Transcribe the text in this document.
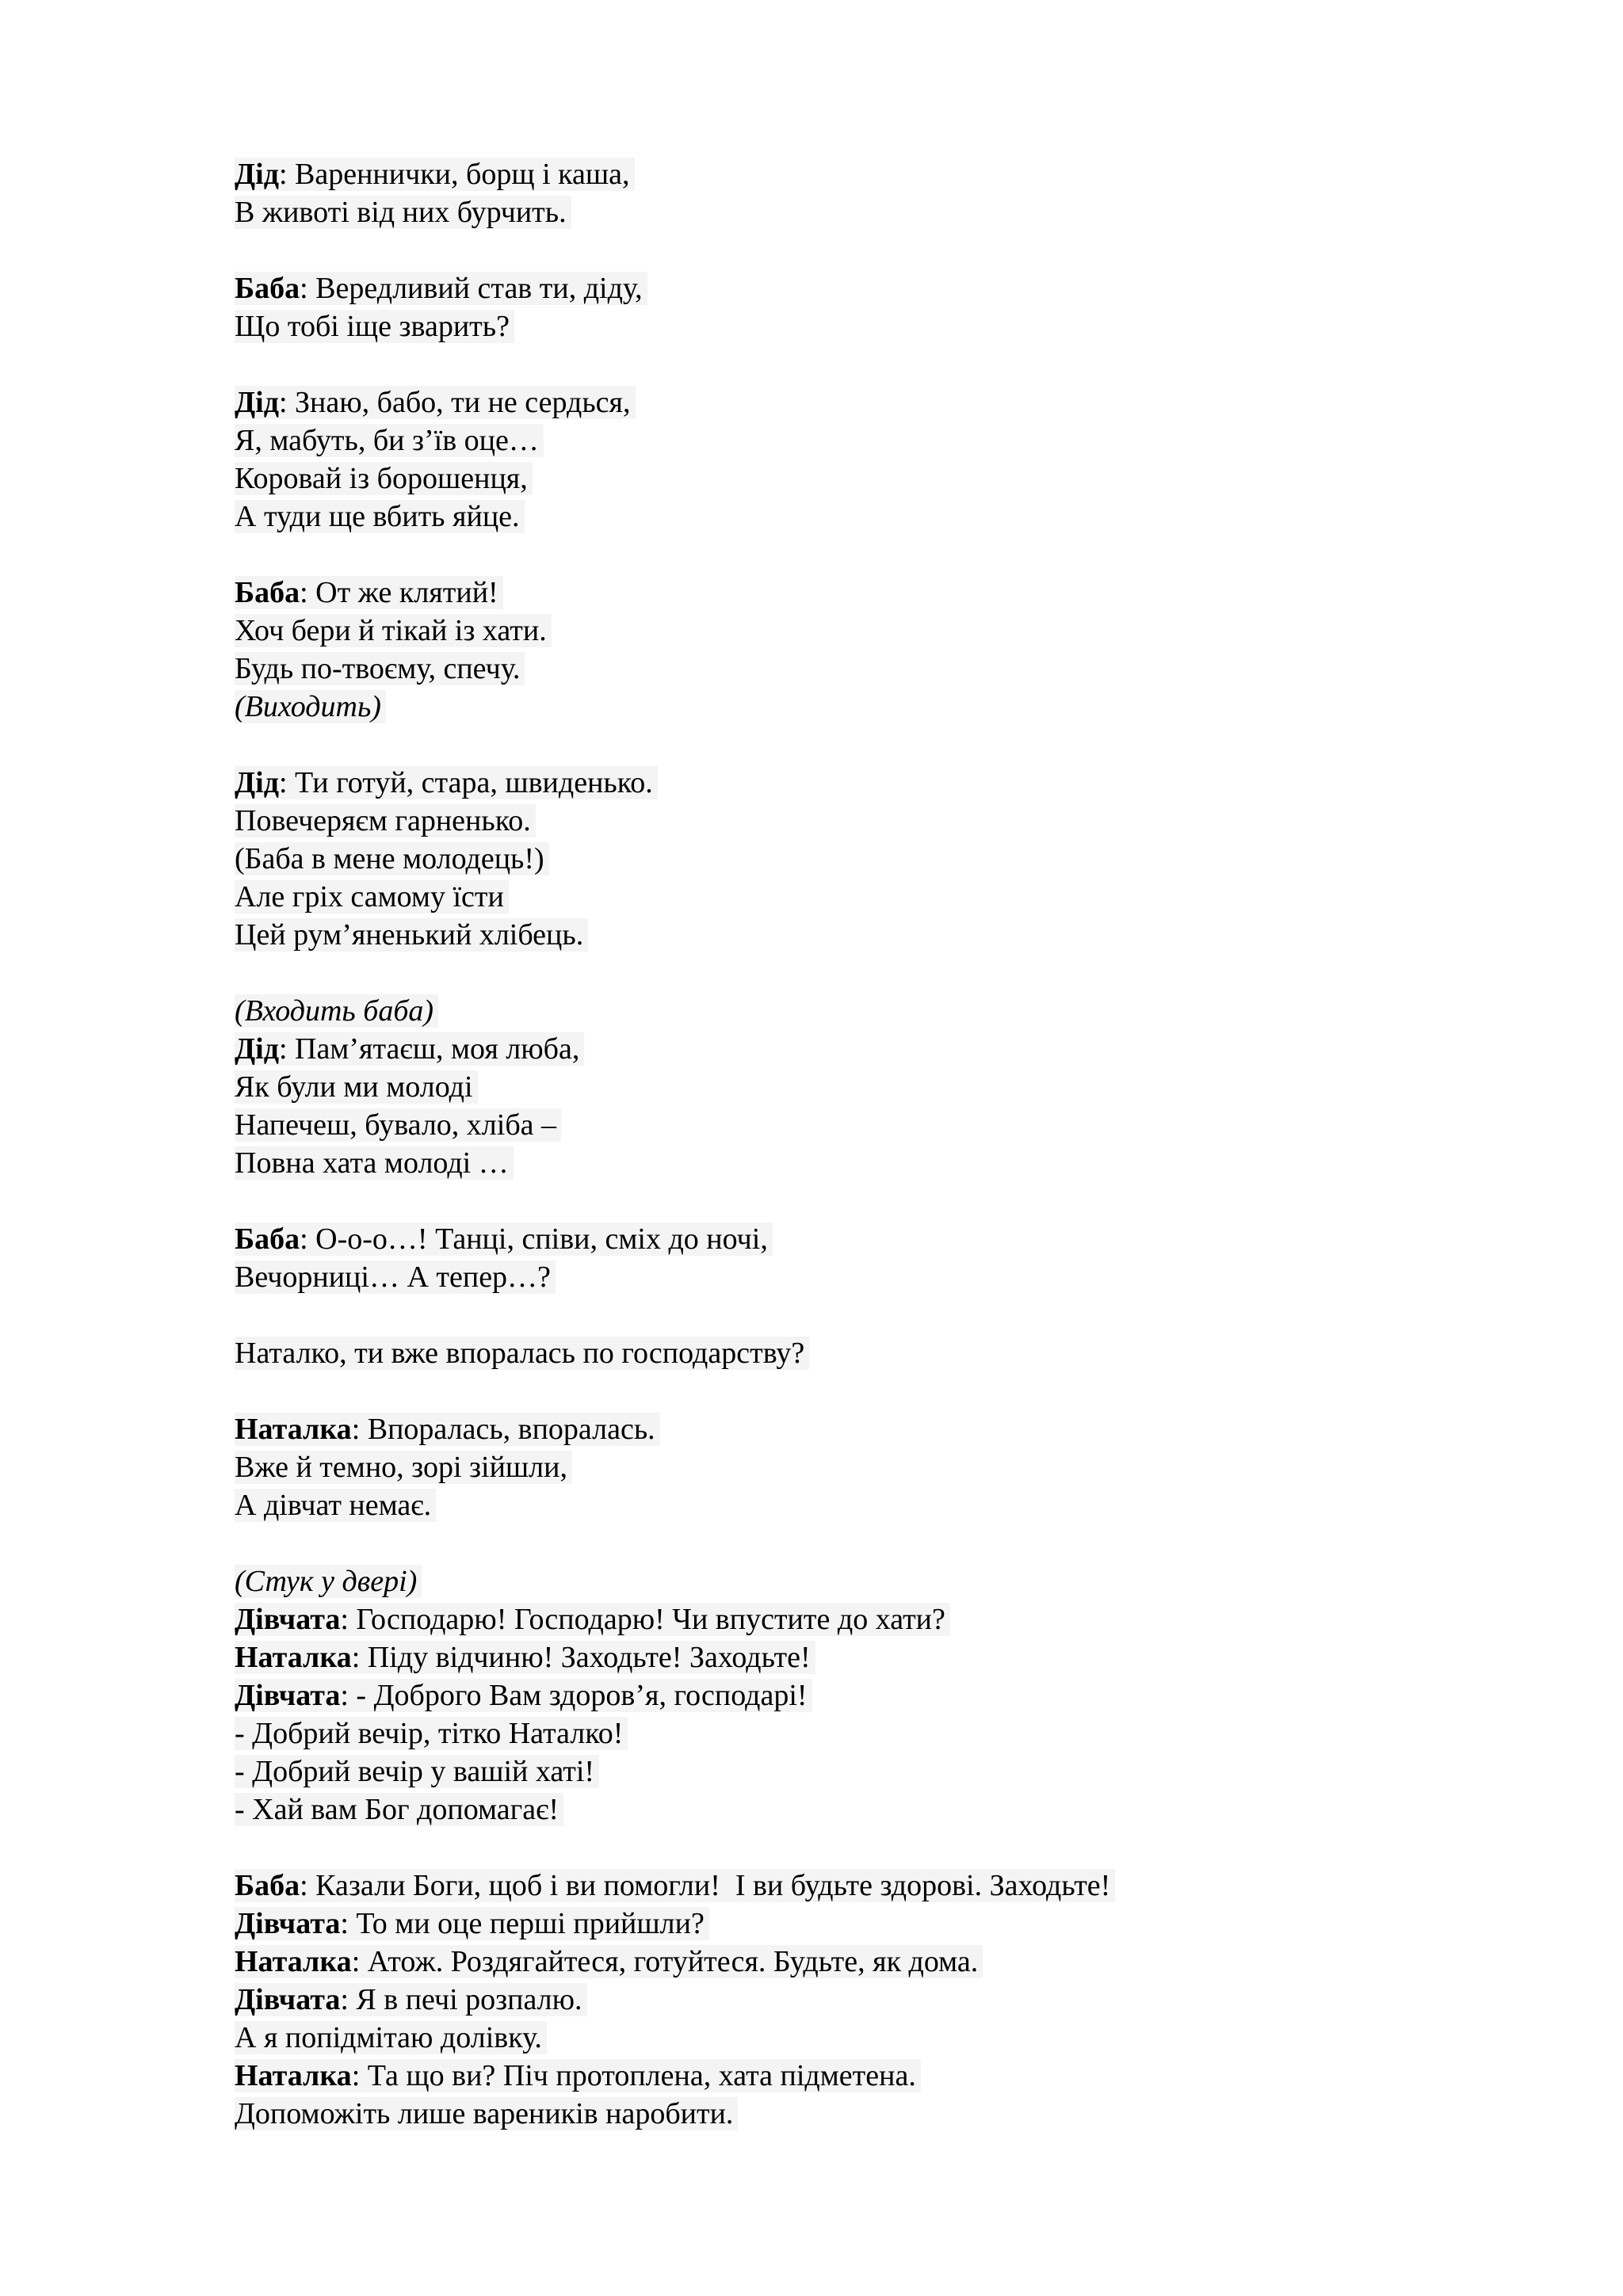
Дід: Вареннички, борщ і каша,
В животі від них бурчить.
Баба: Вередливий став ти, діду,
Що тобі іще зварить?
Дід: Знаю, бабо, ти не сердься,
Я, мабуть, би з’їв оце…
Коровай із борошенця,
А туди ще вбить яйце.
Баба: От же клятий!
Хоч бери й тікай із хати.
Будь по-твоєму, спечу.
(Виходить)
Дід: Ти готуй, стара, швиденько.
Повечеряєм гарненько.
(Баба в мене молодець!)
Але гріх самому їсти
Цей рум’яненький хлібець.
(Входить баба)
Дід: Пам’ятаєш, моя люба,
Як були ми молоді
Напечеш, бувало, хліба –
Повна хата молоді …
Баба: О-о-о…! Танці, співи, сміх до ночі,
Вечорниці… А тепер…?
Наталко, ти вже впоралась по господарству?
Наталка: Впоралась, впоралась.
Вже й темно, зорі зійшли,
А дівчат немає.
(Стук у двері)
Дівчата: Господарю! Господарю! Чи впустите до хати?
Наталка: Піду відчиню! Заходьте! Заходьте!
Дівчата: - Доброго Вам здоров’я, господарі!
- Добрий вечір, тітко Наталко!
- Добрий вечір у вашій хаті!
- Хай вам Бог допомагає!
Баба: Казали Боги, щоб і ви помогли!  І ви будьте здорові. Заходьте!
Дівчата: То ми оце перші прийшли?
Наталка: Атож. Роздягайтеся, готуйтеся. Будьте, як дома.
Дівчата: Я в печі розпалю.
А я попідмітаю долівку.
Наталка: Та що ви? Піч протоплена, хата підметена.
Допоможіть лише вареників наробити.
